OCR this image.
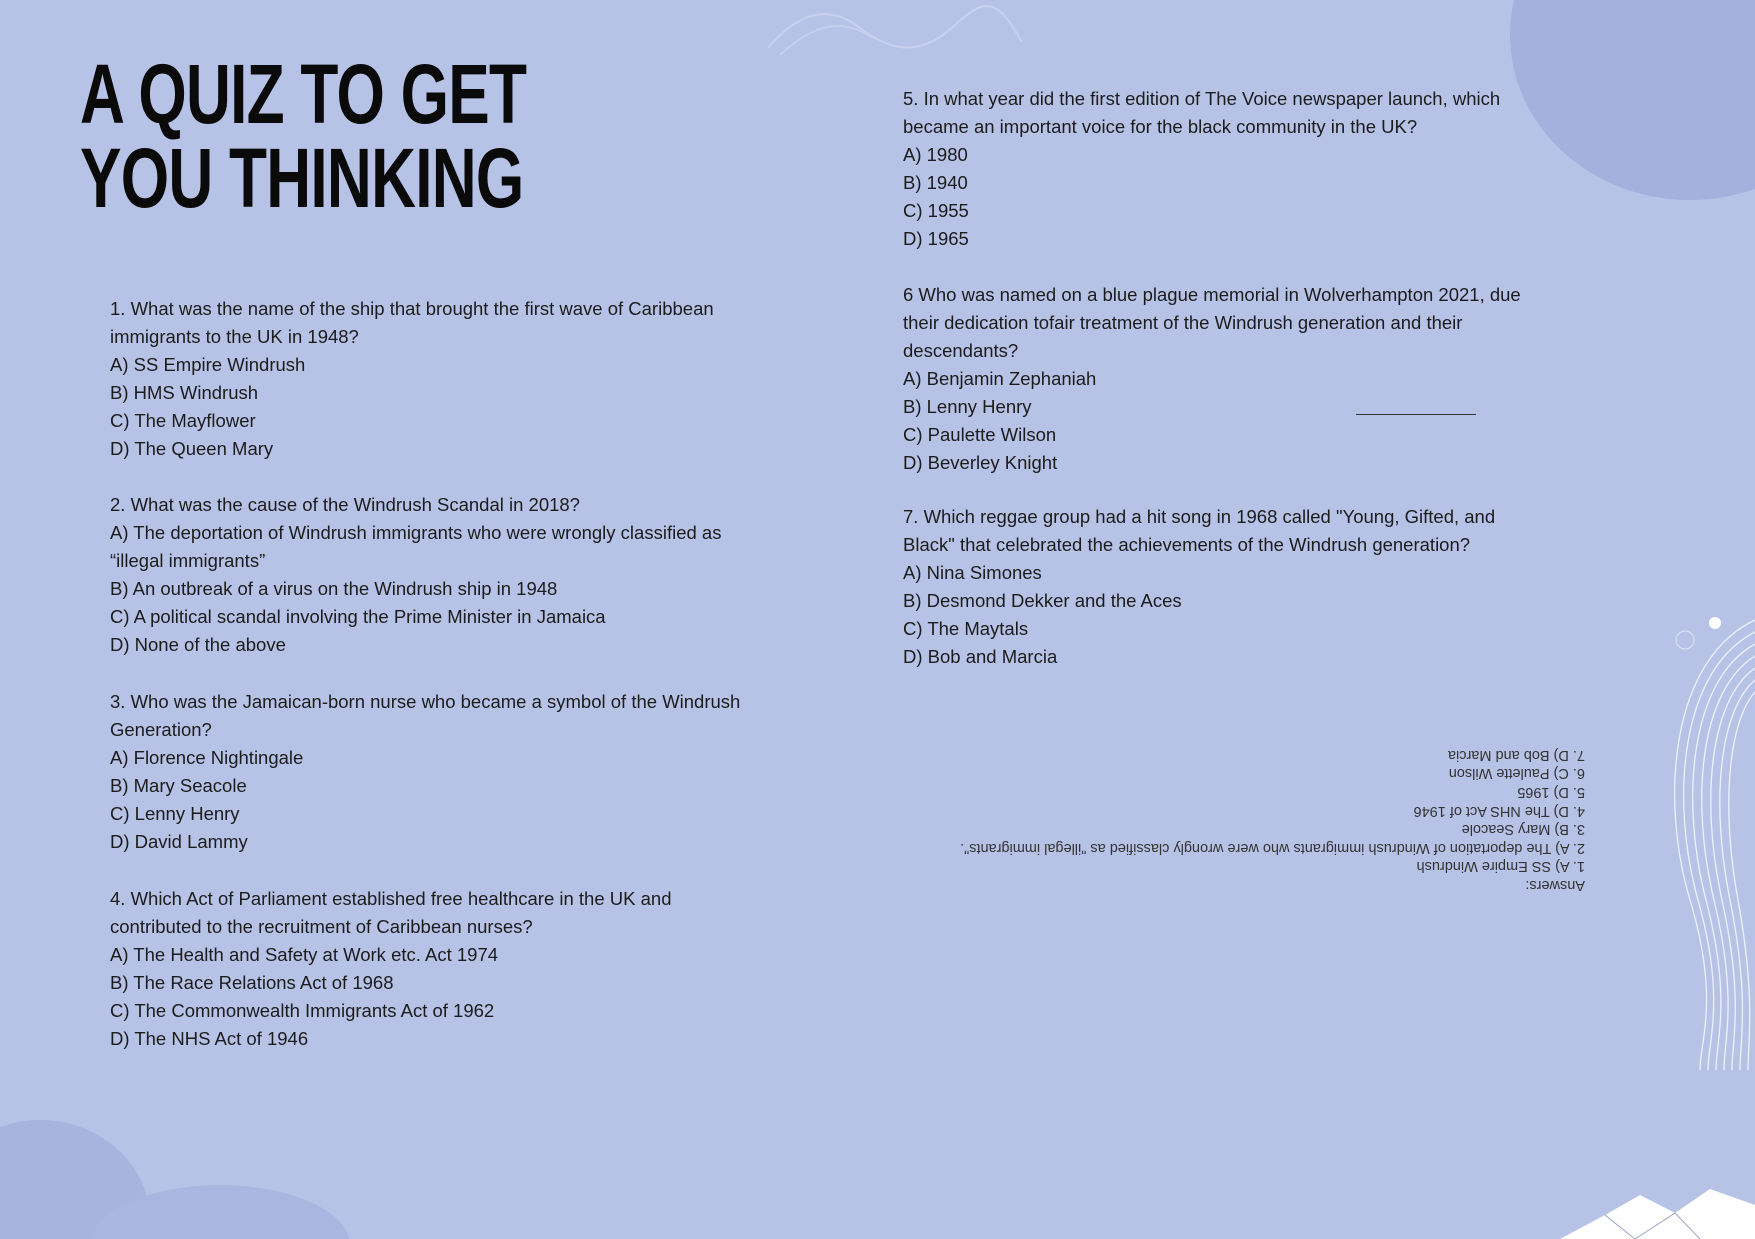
A QUIZ TO GET
YOU THINKING

1. What was the name of the ship that brought the first wave of Caribbean immigrants to the UK in 1948?

A) SS Empire Windrush

B) HMS Windrush

C) The Mayflower

D) The Queen Mary

2. What was the cause of the Windrush Scandal in 2018?

A) The deportation of Windrush immigrants who were wrongly classified as

“illegal immigrants”

B) An outbreak of a virus on the Windrush ship in 1948

C) A political scandal involving the Prime Minister in Jamaica

D) None of the above

3. Who was the Jamaican-born nurse who became a symbol of the Windrush Generation?

A) Florence Nightingale

B) Mary Seacole

C) Lenny Henry

D) David Lammy

4. Which Act of Parliament established free healthcare in the UK and contributed to the recruitment of Caribbean nurses?

A) The Health and Safety at Work etc. Act 1974

B) The Race Relations Act of 1968

C) The Commonwealth Immigrants Act of 1962

D) The NHS Act of 1946

5. In what year did the first edition of The Voice newspaper launch, which became an important voice for the black community in the UK?

A) 1980

B) 1940

C) 1955

D) 1965

6 Who was named on a blue plague memorial in Wolverhampton 2021, due their dedication tofair treatment of the Windrush generation and their descendants?

A) Benjamin Zephaniah

B) Lenny Henry

C) Paulette Wilson

D) Beverley Knight

7. Which reggae group had a hit song in 1968 called "Young, Gifted, and Black" that celebrated the achievements of the Windrush generation?

A) Nina Simones

B) Desmond Dekker and the Aces

C) The Maytals

D) Bob and Marcia

Answers:

1. A) SS Empire Windrush

2. A) The deportation of Windrush immigrants who were wrongly classified as "illegal immigrants".

3. B) Mary Seacole

4. D) The NHS Act of 1946

5. D) 1965

6. C) Paulette Wilson

7. D) Bob and Marcia
